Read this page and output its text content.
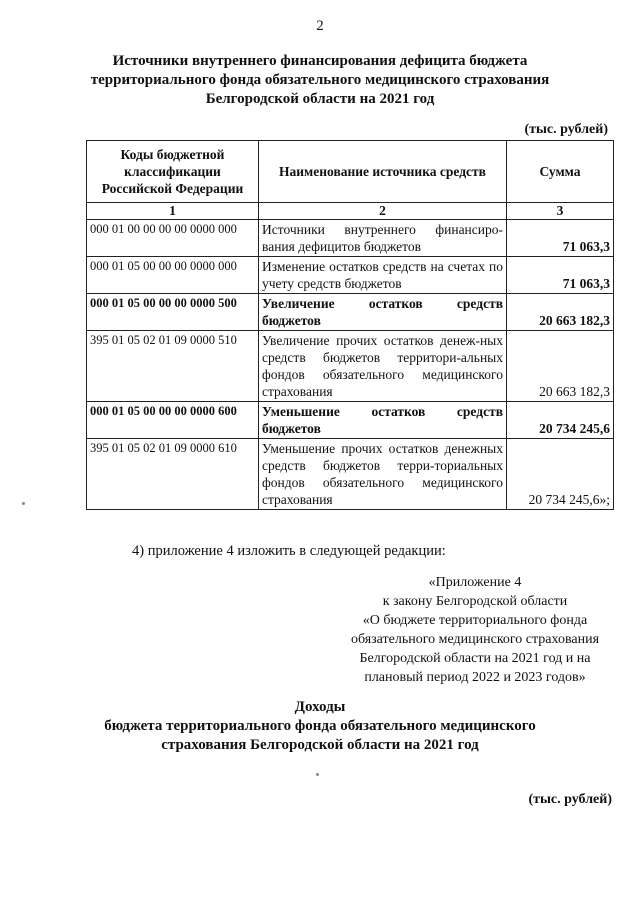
2
Источники внутреннего финансирования дефицита бюджета территориального фонда обязательного медицинского страхования Белгородской области на 2021 год
(тыс. рублей)
Коды бюджетной классификации Российской Федерации	Наименование источника средств	Сумма
1	2	3
000 01 00 00 00 00 0000 000	Источники внутреннего финансиро-вания дефицитов бюджетов	71 063,3
000 01 05 00 00 00 0000 000	Изменение остатков средств на счетах по учету средств бюджетов	71 063,3
000 01 05 00 00 00 0000 500	Увеличение остатков средств бюджетов	20 663 182,3
395 01 05 02 01 09 0000 510	Увеличение прочих остатков денеж-ных средств бюджетов территори-альных фондов обязательного медицинского страхования	20 663 182,3
000 01 05 00 00 00 0000 600	Уменьшение остатков средств бюджетов	20 734 245,6
395 01 05 02 01 09 0000 610	Уменьшение прочих остатков денежных средств бюджетов терри-ториальных фондов обязательного медицинского страхования	20 734 245,6»;
4) приложение 4 изложить в следующей редакции:
«Приложение 4
к закону Белгородской области
«О бюджете территориального фонда
обязательного медицинского страхования
Белгородской области на 2021 год и на
плановый период 2022 и 2023 годов»
Доходы
бюджета территориального фонда обязательного медицинского
страхования Белгородской области на 2021 год
(тыс. рублей)
